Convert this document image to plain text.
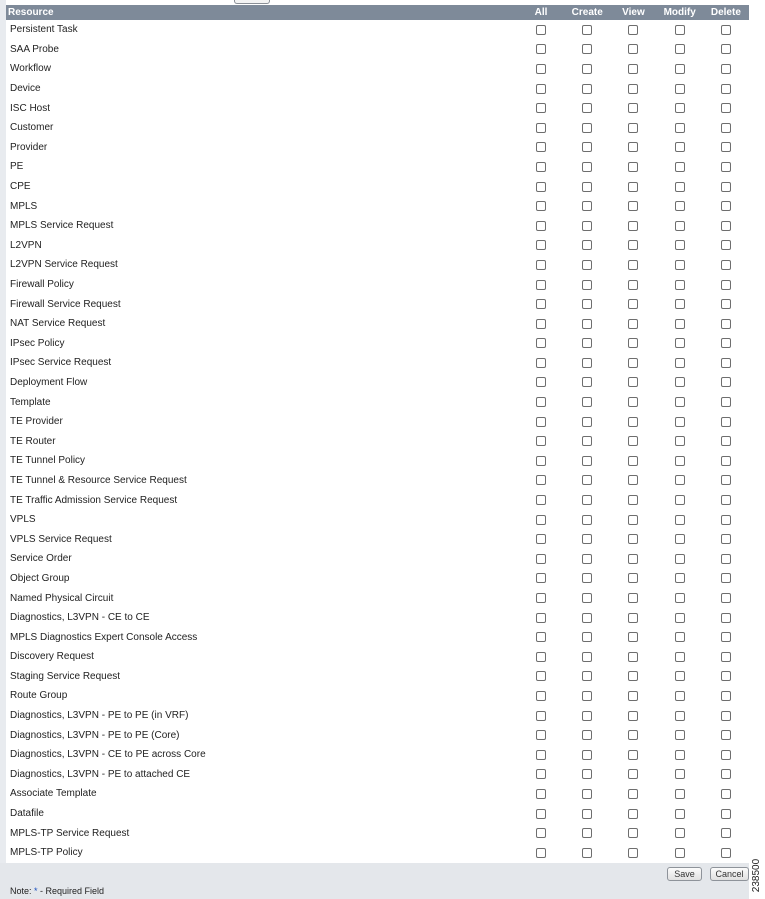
Resource	All	Create	View	Modify	Delete
Persistent Task
SAA Probe
Workflow
Device
ISC Host
Customer
Provider
PE
CPE
MPLS
MPLS Service Request
L2VPN
L2VPN Service Request
Firewall Policy
Firewall Service Request
NAT Service Request
IPsec Policy
IPsec Service Request
Deployment Flow
Template
TE Provider
TE Router
TE Tunnel Policy
TE Tunnel & Resource Service Request
TE Traffic Admission Service Request
VPLS
VPLS Service Request
Service Order
Object Group
Named Physical Circuit
Diagnostics, L3VPN - CE to CE
MPLS Diagnostics Expert Console Access
Discovery Request
Staging Service Request
Route Group
Diagnostics, L3VPN - PE to PE (in VRF)
Diagnostics, L3VPN - PE to PE (Core)
Diagnostics, L3VPN - CE to PE across Core
Diagnostics, L3VPN - PE to attached CE
Associate Template
Datafile
MPLS-TP Service Request
MPLS-TP Policy
Save	Cancel
Note: * - Required Field	238500
